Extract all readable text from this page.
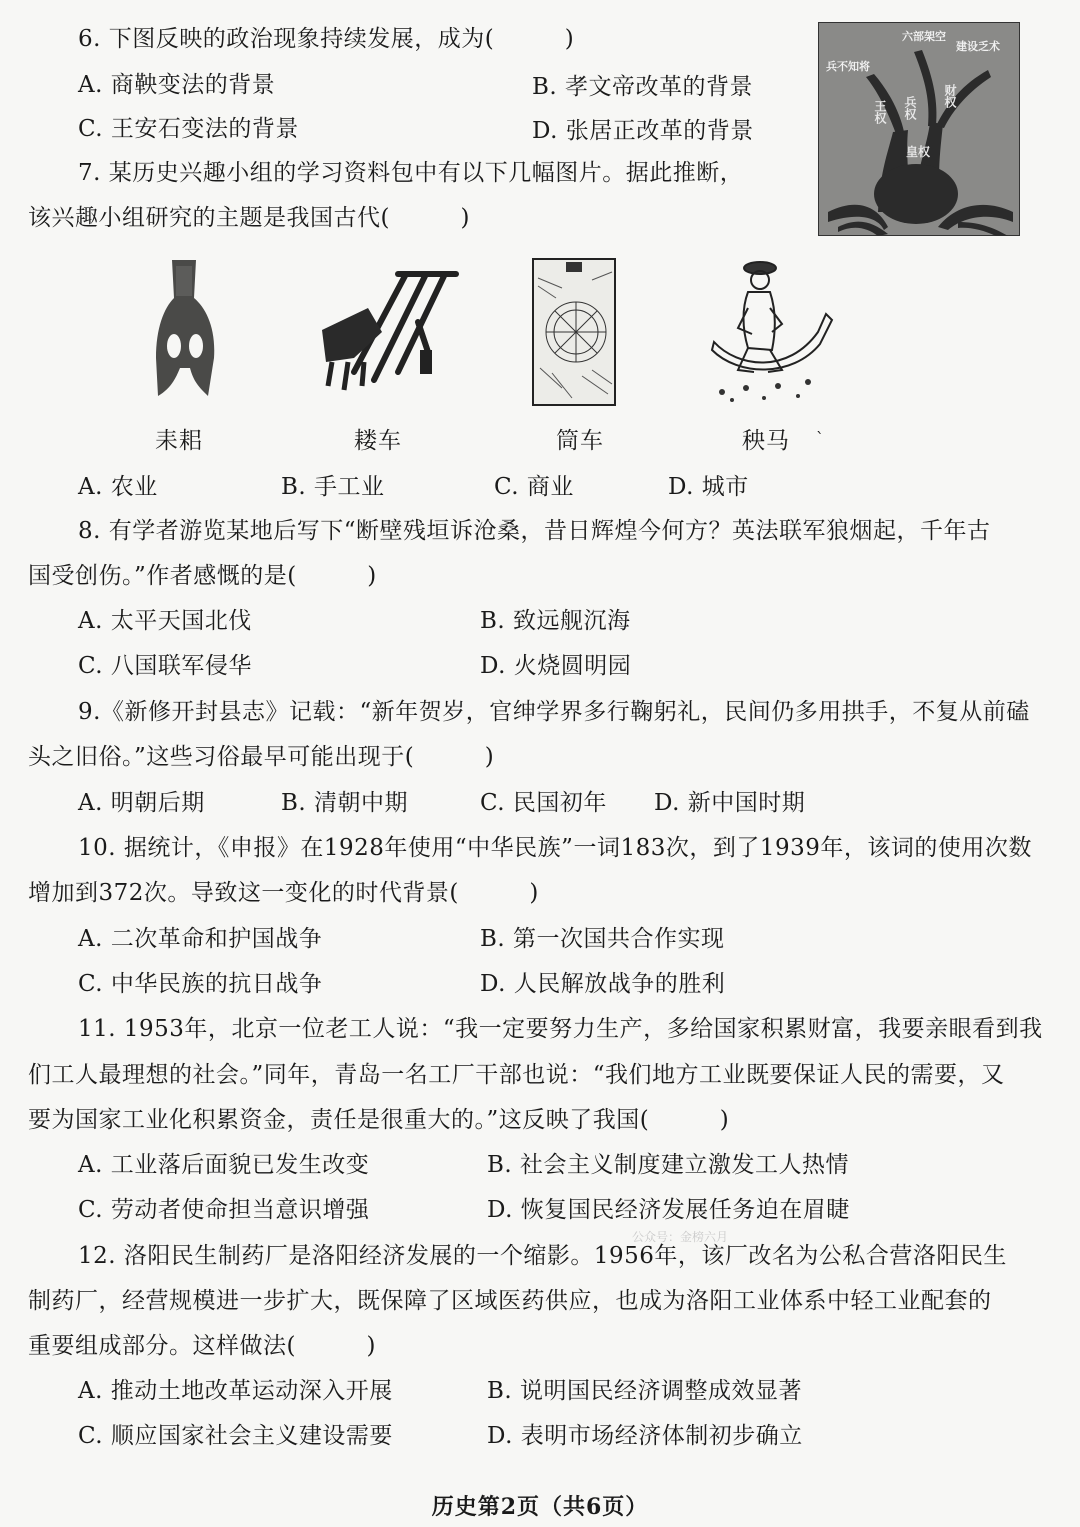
6. 下图反映的政治现象持续发展，成为(　　　)
A. 商鞅变法的背景	B. 孝文帝改革的背景
C. 王安石变法的背景	D. 张居正改革的背景
六部架空
建设乏术
兵不知将
财权
王权 兵权
皇权
7. 某历史兴趣小组的学习资料包中有以下几幅图片。据此推断，
该兴趣小组研究的主题是我国古代(　　　)
耒耜	耧车	筒车	秧马 `
A. 农业	B. 手工业	C. 商业	D. 城市
8. 有学者游览某地后写下“断壁残垣诉沧桑，昔日辉煌今何方？英法联军狼烟起，千年古
国受创伤。”作者感慨的是(　　　)
A. 太平天国北伐	B. 致远舰沉海
C. 八国联军侵华	D. 火烧圆明园
9.《新修开封县志》记载：“新年贺岁，官绅学界多行鞠躬礼，民间仍多用拱手，不复从前磕
头之旧俗。”这些习俗最早可能出现于(　　　)
A. 明朝后期	B. 清朝中期	C. 民国初年 D. 新中国时期
10. 据统计，《申报》在1928年使用“中华民族”一词183次，到了1939年，该词的使用次数
增加到372次。导致这一变化的时代背景(　　　)
A. 二次革命和护国战争	B. 第一次国共合作实现
C. 中华民族的抗日战争	D. 人民解放战争的胜利
11. 1953年，北京一位老工人说：“我一定要努力生产，多给国家积累财富，我要亲眼看到我
们工人最理想的社会。”同年，青岛一名工厂干部也说：“我们地方工业既要保证人民的需要，又
要为国家工业化积累资金，责任是很重大的。”这反映了我国(　　　)
A. 工业落后面貌已发生改变	B. 社会主义制度建立激发工人热情
C. 劳动者使命担当意识增强	D. 恢复国民经济发展任务迫在眉睫
公众号：金榜六月
12. 洛阳民生制药厂是洛阳经济发展的一个缩影。1956年，该厂改名为公私合营洛阳民生
制药厂，经营规模进一步扩大，既保障了区域医药供应，也成为洛阳工业体系中轻工业配套的
重要组成部分。这样做法(　　　)
A. 推动土地改革运动深入开展	B. 说明国民经济调整成效显著
C. 顺应国家社会主义建设需要	D. 表明市场经济体制初步确立
历史第2页（共6页）
